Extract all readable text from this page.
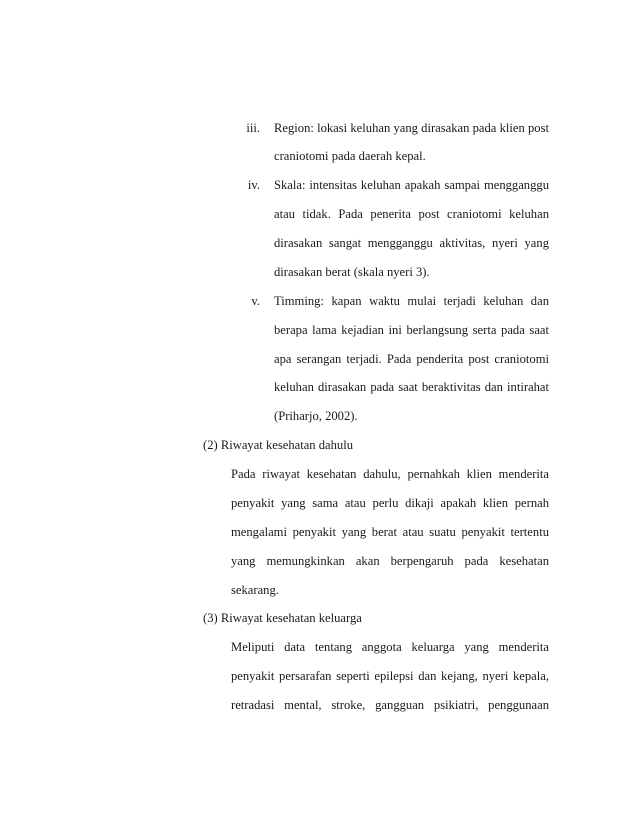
iii. Region: lokasi keluhan yang dirasakan pada klien post
craniotomi pada daerah kepal.
iv. Skala: intensitas keluhan apakah sampai mengganggu
atau tidak. Pada penerita post craniotomi keluhan
dirasakan sangat mengganggu aktivitas, nyeri yang
dirasakan berat (skala nyeri 3).
v. Timming: kapan waktu mulai terjadi keluhan dan
berapa lama kejadian ini berlangsung serta pada saat
apa serangan terjadi. Pada penderita post craniotomi
keluhan dirasakan pada saat beraktivitas dan intirahat
(Priharjo, 2002).
(2) Riwayat kesehatan dahulu
Pada riwayat kesehatan dahulu, pernahkah klien menderita
penyakit yang sama atau perlu dikaji apakah klien pernah
mengalami penyakit yang berat atau suatu penyakit tertentu
yang memungkinkan akan berpengaruh pada kesehatan
sekarang.
(3) Riwayat kesehatan keluarga
Meliputi data tentang anggota keluarga yang menderita
penyakit persarafan seperti epilepsi dan kejang, nyeri kepala,
retradasi mental, stroke, gangguan psikiatri, penggunaan
